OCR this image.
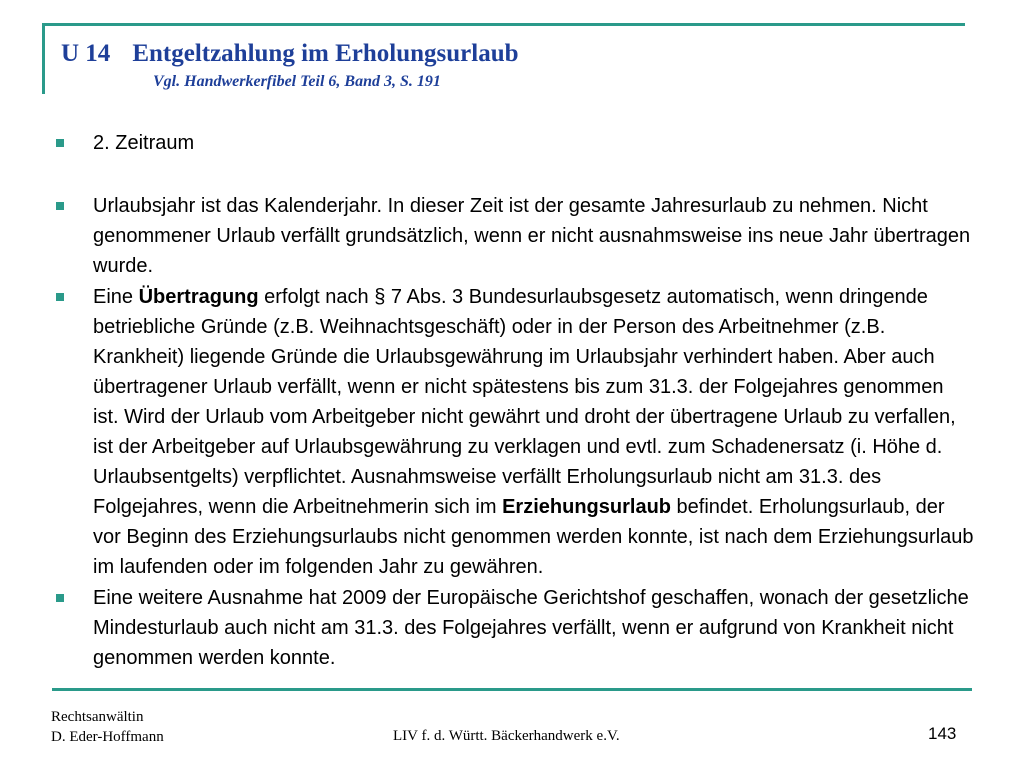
U 14 Entgeltzahlung im Erholungsurlaub
Vgl. Handwerkerfibel Teil 6, Band 3, S. 191
2. Zeitraum
Urlaubsjahr ist das Kalenderjahr. In dieser Zeit ist der gesamte Jahresurlaub zu nehmen. Nicht genommener Urlaub verfällt grundsätzlich, wenn er nicht ausnahmsweise ins neue Jahr übertragen wurde.
Eine Übertragung erfolgt nach § 7 Abs. 3 Bundesurlaubsgesetz automatisch, wenn dringende betriebliche Gründe (z.B. Weihnachtsgeschäft) oder in der Person des Arbeitnehmer (z.B. Krankheit) liegende Gründe die Urlaubsgewährung im Urlaubsjahr verhindert haben. Aber auch übertragener Urlaub verfällt, wenn er nicht spätestens bis zum 31.3. der Folgejahres genommen ist. Wird der Urlaub vom Arbeitgeber nicht gewährt und droht der übertragene Urlaub zu verfallen, ist der Arbeitgeber auf Urlaubsgewährung zu verklagen und evtl. zum Schadenersatz (i. Höhe d. Urlaubsentgelts) verpflichtet. Ausnahmsweise verfällt Erholungsurlaub nicht am 31.3. des Folgejahres, wenn die Arbeitnehmerin sich im Erziehungsurlaub befindet. Erholungsurlaub, der vor Beginn des Erziehungsurlaubs nicht genommen werden konnte, ist nach dem Erziehungsurlaub im laufenden oder im folgenden Jahr zu gewähren.
Eine weitere Ausnahme hat 2009 der Europäische Gerichtshof geschaffen, wonach der gesetzliche Mindesturlaub auch nicht am 31.3. des Folgejahres verfällt, wenn er aufgrund von Krankheit nicht genommen werden konnte.
Rechtsanwältin
D. Eder-Hoffmann	LIV f. d. Württ. Bäckerhandwerk e.V.	143
